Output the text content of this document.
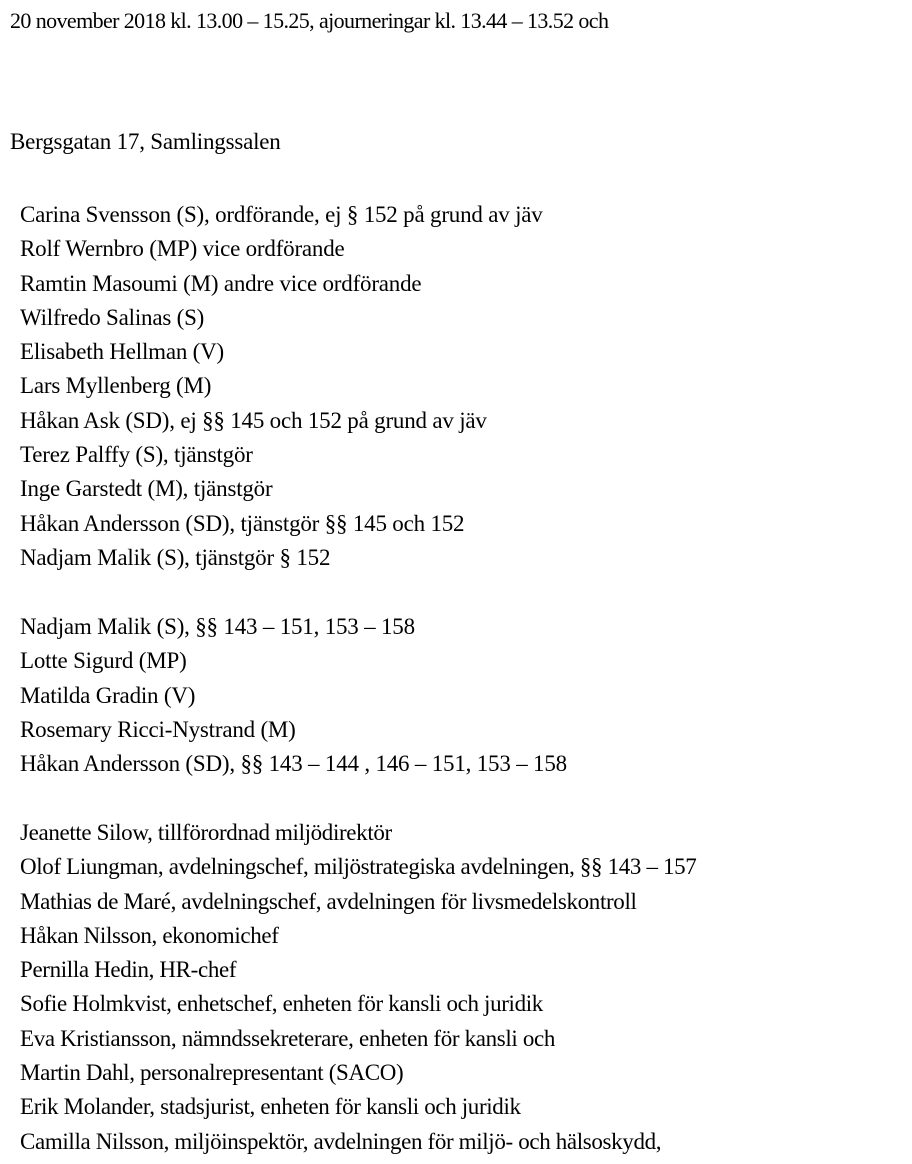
20 november 2018 kl. 13.00 – 15.25, ajourneringar kl. 13.44 – 13.52 och
Bergsgatan 17, Samlingssalen
Carina Svensson (S), ordförande, ej § 152 på grund av jäv
Rolf Wernbro (MP) vice ordförande
Ramtin Masoumi (M) andre vice ordförande
Wilfredo Salinas (S)
Elisabeth Hellman (V)
Lars Myllenberg (M)
Håkan Ask (SD), ej §§ 145 och 152 på grund av jäv
Terez Palffy (S), tjänstgör
Inge Garstedt (M), tjänstgör
Håkan Andersson (SD), tjänstgör §§ 145 och 152
Nadjam Malik (S), tjänstgör § 152
Nadjam Malik (S), §§ 143 – 151, 153 – 158
Lotte Sigurd (MP)
Matilda Gradin (V)
Rosemary Ricci-Nystrand (M)
Håkan Andersson (SD), §§ 143 – 144 , 146 – 151, 153 – 158
Jeanette Silow, tillförordnad miljödirektör
Olof Liungman, avdelningschef, miljöstrategiska avdelningen, §§ 143 – 157
Mathias de Maré, avdelningschef, avdelningen för livsmedelskontroll
Håkan Nilsson, ekonomichef
Pernilla Hedin, HR-chef
Sofie Holmkvist, enhetschef, enheten för kansli och juridik
Eva Kristiansson, nämndssekreterare, enheten för kansli och
Martin Dahl, personalrepresentant (SACO)
Erik Molander, stadsjurist, enheten för kansli och juridik
Camilla Nilsson, miljöinspektör, avdelningen för miljö- och hälsoskydd,
